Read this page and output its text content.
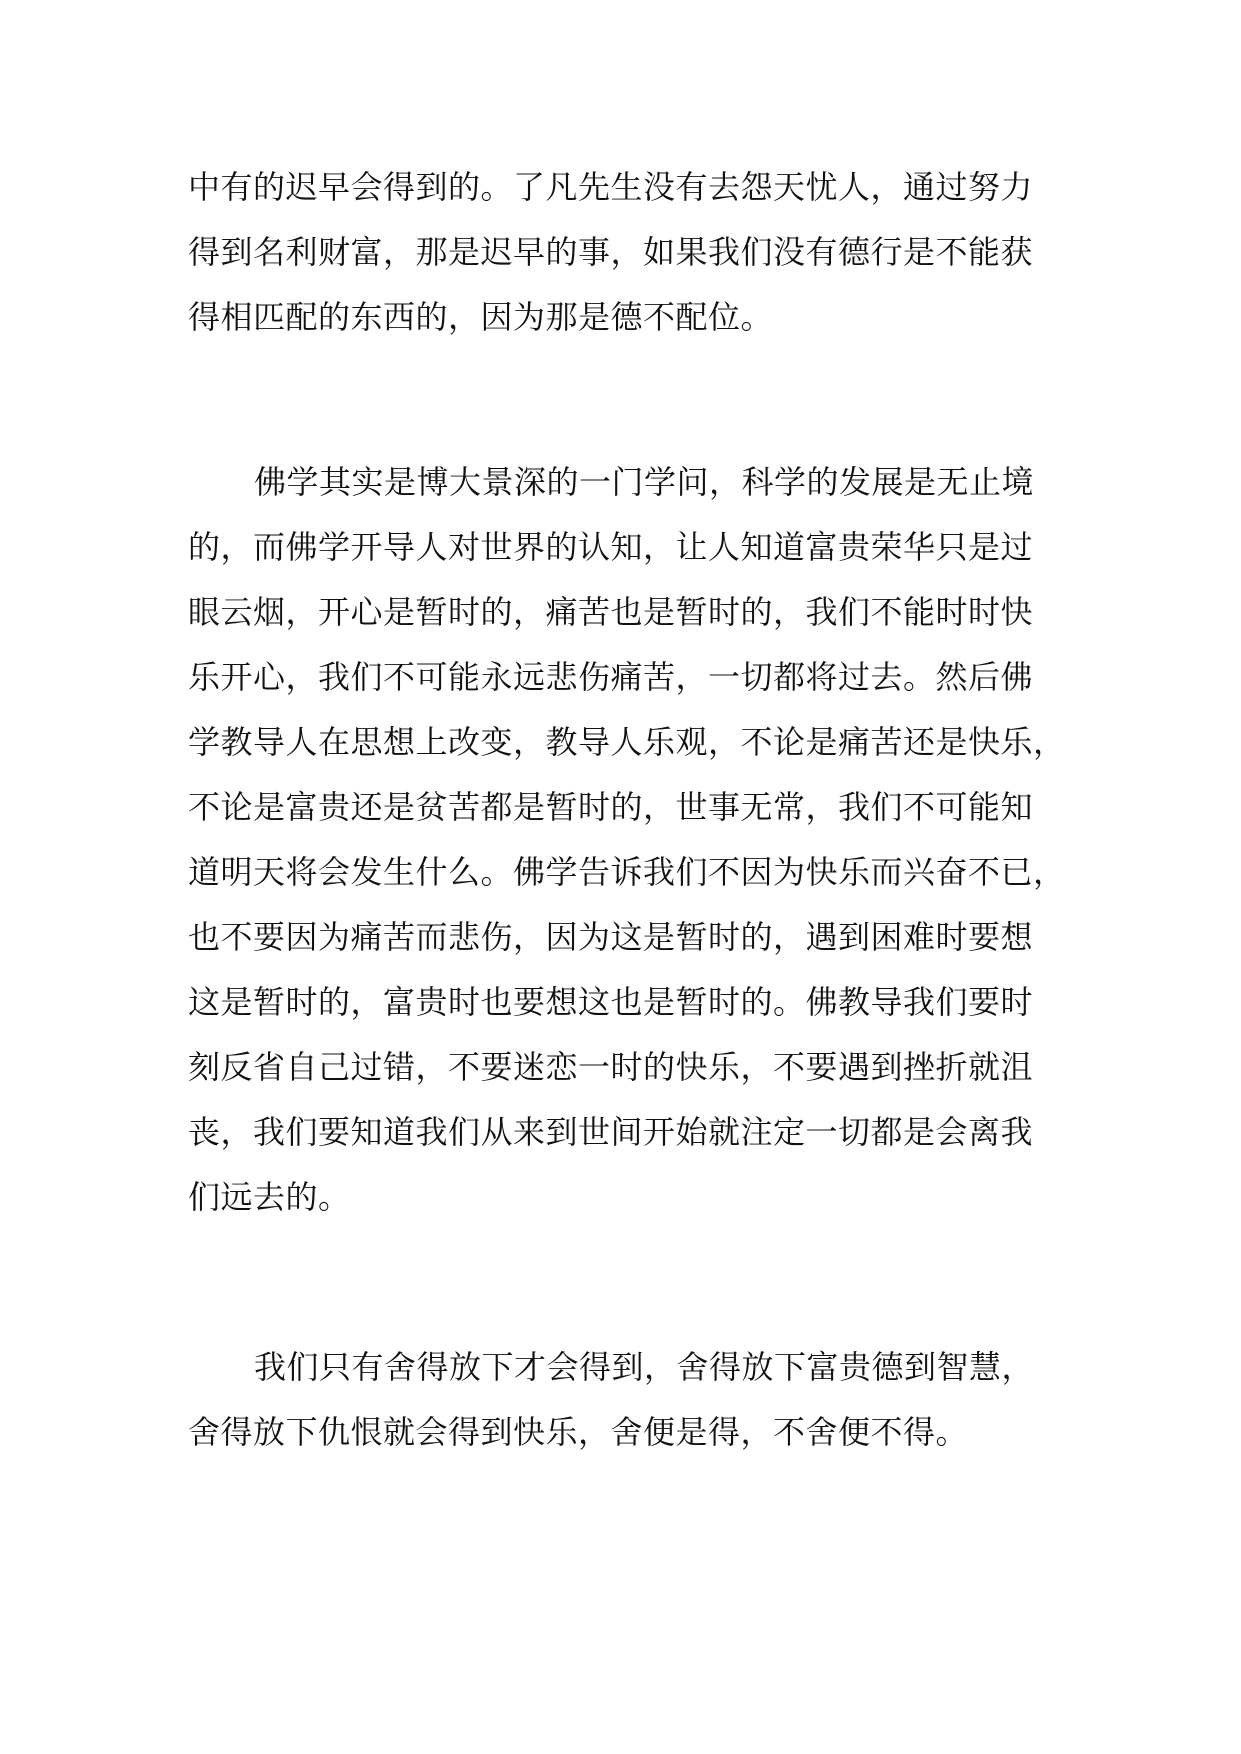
中有的迟早会得到的。了凡先生没有去怨天忧人，通过努力
得到名利财富，那是迟早的事，如果我们没有德行是不能获
得相匹配的东西的，因为那是德不配位。
佛学其实是博大景深的一门学问，科学的发展是无止境
的，而佛学开导人对世界的认知，让人知道富贵荣华只是过
眼云烟，开心是暂时的，痛苦也是暂时的，我们不能时时快
乐开心，我们不可能永远悲伤痛苦，一切都将过去。然后佛
学教导人在思想上改变，教导人乐观，不论是痛苦还是快乐，
不论是富贵还是贫苦都是暂时的，世事无常，我们不可能知
道明天将会发生什么。佛学告诉我们不因为快乐而兴奋不已，
也不要因为痛苦而悲伤，因为这是暂时的，遇到困难时要想
这是暂时的，富贵时也要想这也是暂时的。佛教导我们要时
刻反省自己过错，不要迷恋一时的快乐，不要遇到挫折就沮
丧，我们要知道我们从来到世间开始就注定一切都是会离我
们远去的。
我们只有舍得放下才会得到，舍得放下富贵德到智慧，
舍得放下仇恨就会得到快乐，舍便是得，不舍便不得。
